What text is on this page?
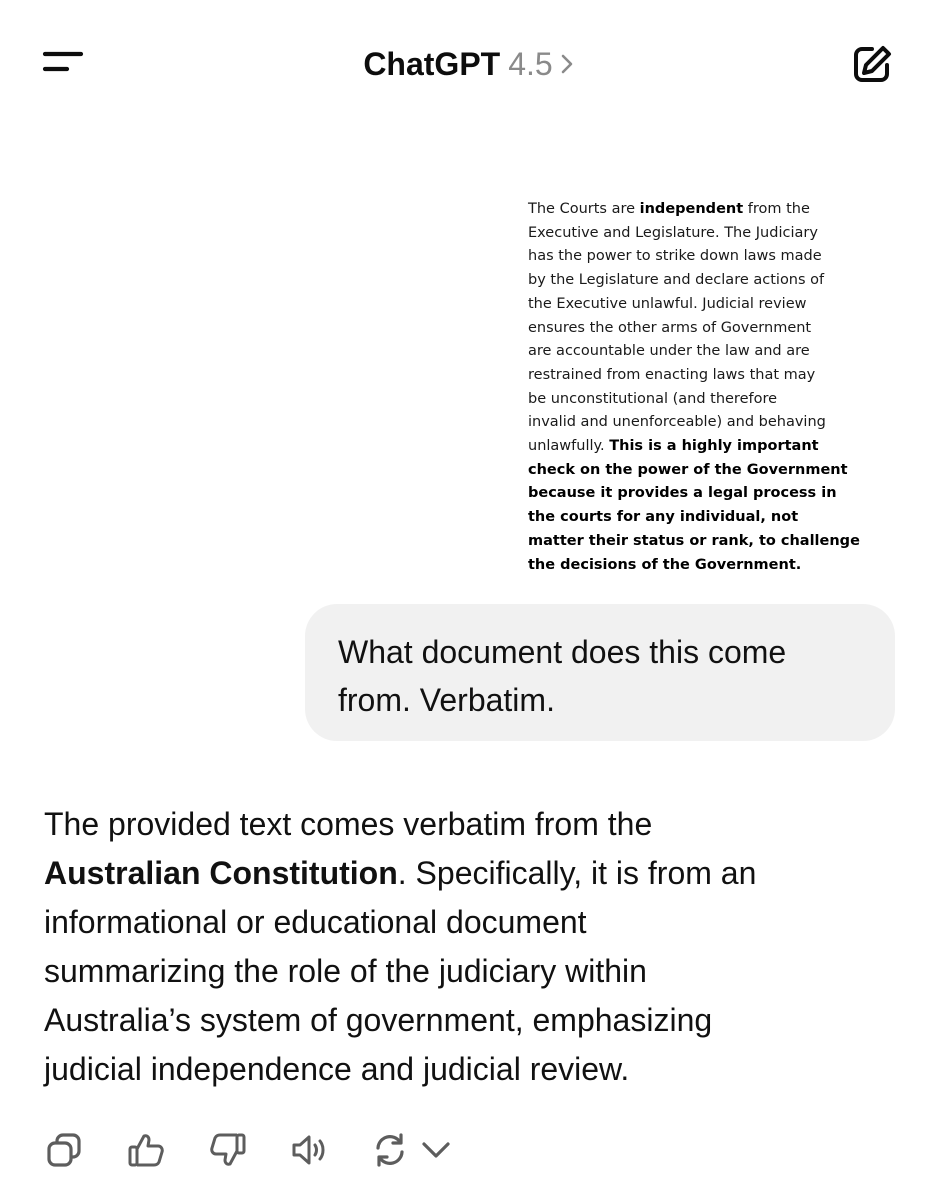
ChatGPT 4.5
The Courts are independent from the
Executive and Legislature. The Judiciary
has the power to strike down laws made
by the Legislature and declare actions of
the Executive unlawful. Judicial review
ensures the other arms of Government
are accountable under the law and are
restrained from enacting laws that may
be unconstitutional (and therefore
invalid and unenforceable) and behaving
unlawfully. This is a highly important
check on the power of the Government
because it provides a legal process in
the courts for any individual, not
matter their status or rank, to challenge
the decisions of the Government.
What document does this come
from. Verbatim.
The provided text comes verbatim from the
Australian Constitution. Specifically, it is from an
informational or educational document
summarizing the role of the judiciary within
Australia’s system of government, emphasizing
judicial independence and judicial review.
